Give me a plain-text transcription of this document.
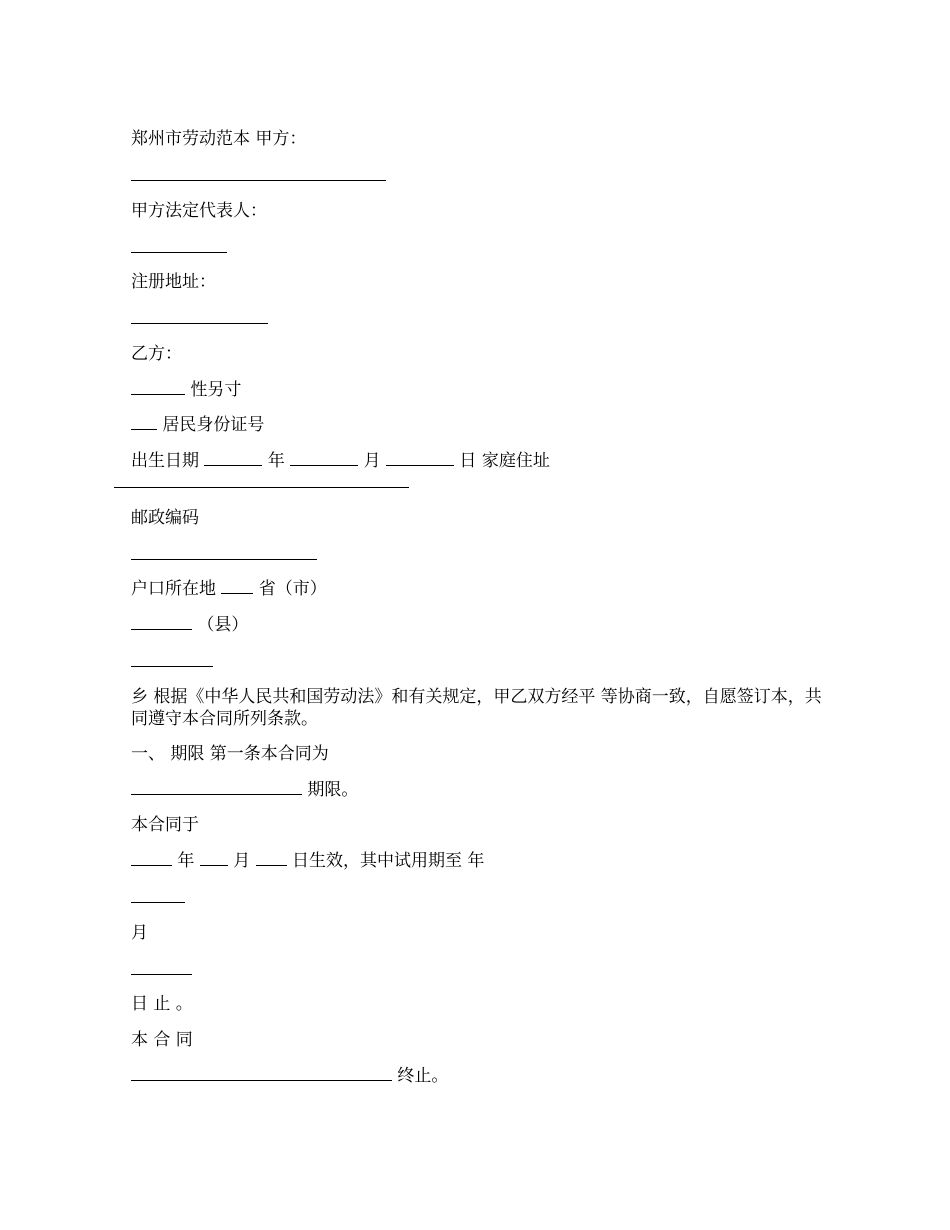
郑州市劳动范本 甲方：
甲方法定代表人：
注册地址：
乙方：
性另寸
居民身份证号
出生日期	年	月	日 家庭住址
邮政编码
户口所在地  省（市）
（县）
乡 根据《中华人民共和国劳动法》和有关规定，甲乙双方经平 等协商一致，自愿签订本，共同遵守本合同所列条款。
一、 期限 第一条本合同为
期限。
本合同于
年  月  日生效，其中试用期至 年
月
日 止 。
本 合 同
终止。
